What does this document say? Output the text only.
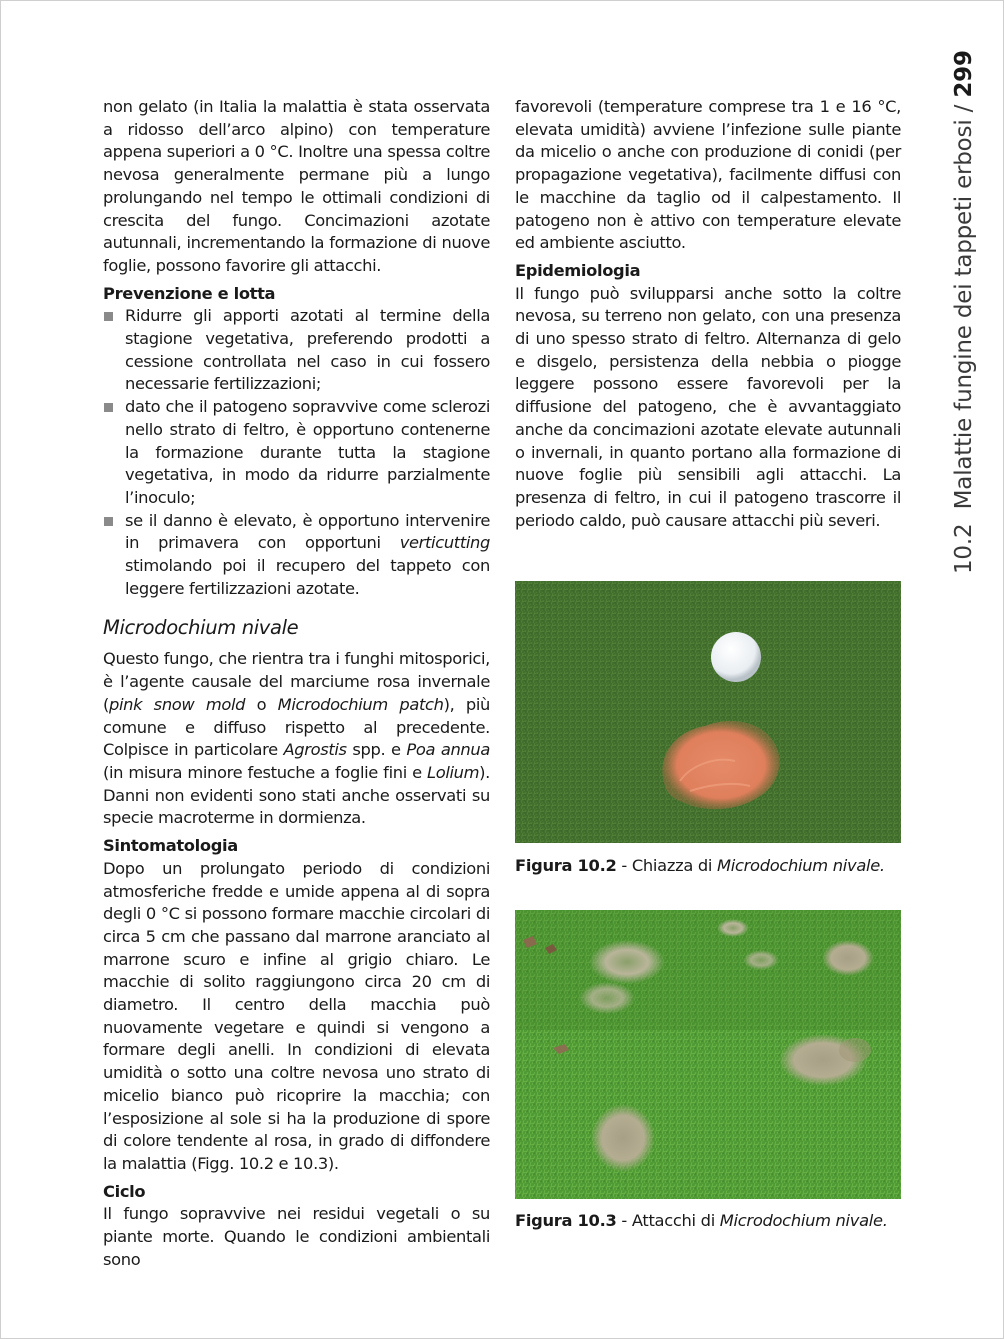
10.2  Malattie fungine dei tappeti erbosi / 299

non gelato (in Italia la malattia è stata osservata a ridosso dell’arco alpino) con temperature appena superiori a 0 °C. Inoltre una spessa coltre nevosa generalmente permane più a lungo prolungando nel tempo le ottimali condizioni di crescita del fungo. Concimazioni azotate autunnali, incrementando la formazione di nuove foglie, possono favorire gli attacchi.

Prevenzione e lotta
Ridurre gli apporti azotati al termine della stagione vegetativa, preferendo prodotti a cessione controllata nel caso in cui fossero necessarie fertilizzazioni;
dato che il patogeno sopravvive come sclerozi nello strato di feltro, è opportuno contenerne la formazione durante tutta la stagione vegetativa, in modo da ridurre parzialmente l’inoculo;
se il danno è elevato, è opportuno intervenire in primavera con opportuni verticutting stimolando poi il recupero del tappeto con leggere fertilizzazioni azotate.
Microdochium nivale

Questo fungo, che rientra tra i funghi mitosporici, è l’agente causale del marciume rosa invernale (pink snow mold o Microdochium patch), più comune e diffuso rispetto al precedente. Colpisce in particolare Agrostis spp. e Poa annua (in misura minore festuche a foglie fini e Lolium). Danni non evidenti sono stati anche osservati su specie macroterme in dormienza.

Sintomatologia

Dopo un prolungato periodo di condizioni atmosferiche fredde e umide appena al di sopra degli 0 °C si possono formare macchie circolari di circa 5 cm che passano dal marrone aranciato al marrone scuro e infine al grigio chiaro. Le macchie di solito raggiungono circa 20 cm di diametro. Il centro della macchia può nuovamente vegetare e quindi si vengono a formare degli anelli. In condizioni di elevata umidità o sotto una coltre nevosa uno strato di micelio bianco può ricoprire la macchia; con l’esposizione al sole si ha la produzione di spore di colore tendente al rosa, in grado di diffondere la malattia (Figg. 10.2 e 10.3).

Ciclo

Il fungo sopravvive nei residui vegetali o su piante morte. Quando le condizioni ambientali sono

favorevoli (temperature comprese tra 1 e 16 °C, elevata umidità) avviene l’infezione sulle piante da micelio o anche con produzione di conidi (per propagazione vegetativa), facilmente diffusi con le macchine da taglio od il calpestamento. Il patogeno non è attivo con temperature elevate ed ambiente asciutto.

Epidemiologia

Il fungo può svilupparsi anche sotto la coltre nevosa, su terreno non gelato, con una presenza di uno spesso strato di feltro. Alternanza di gelo e disgelo, persistenza della nebbia o piogge leggere possono essere favorevoli per la diffusione del patogeno, che è avvantaggiato anche da concimazioni azotate elevate autunnali o invernali, in quanto portano alla formazione di nuove foglie più sensibili agli attacchi. La presenza di feltro, in cui il patogeno trascorre il periodo caldo, può causare attacchi più severi.

Figura 10.2 - Chiazza di Microdochium nivale.
Figura 10.3 - Attacchi di Microdochium nivale.
